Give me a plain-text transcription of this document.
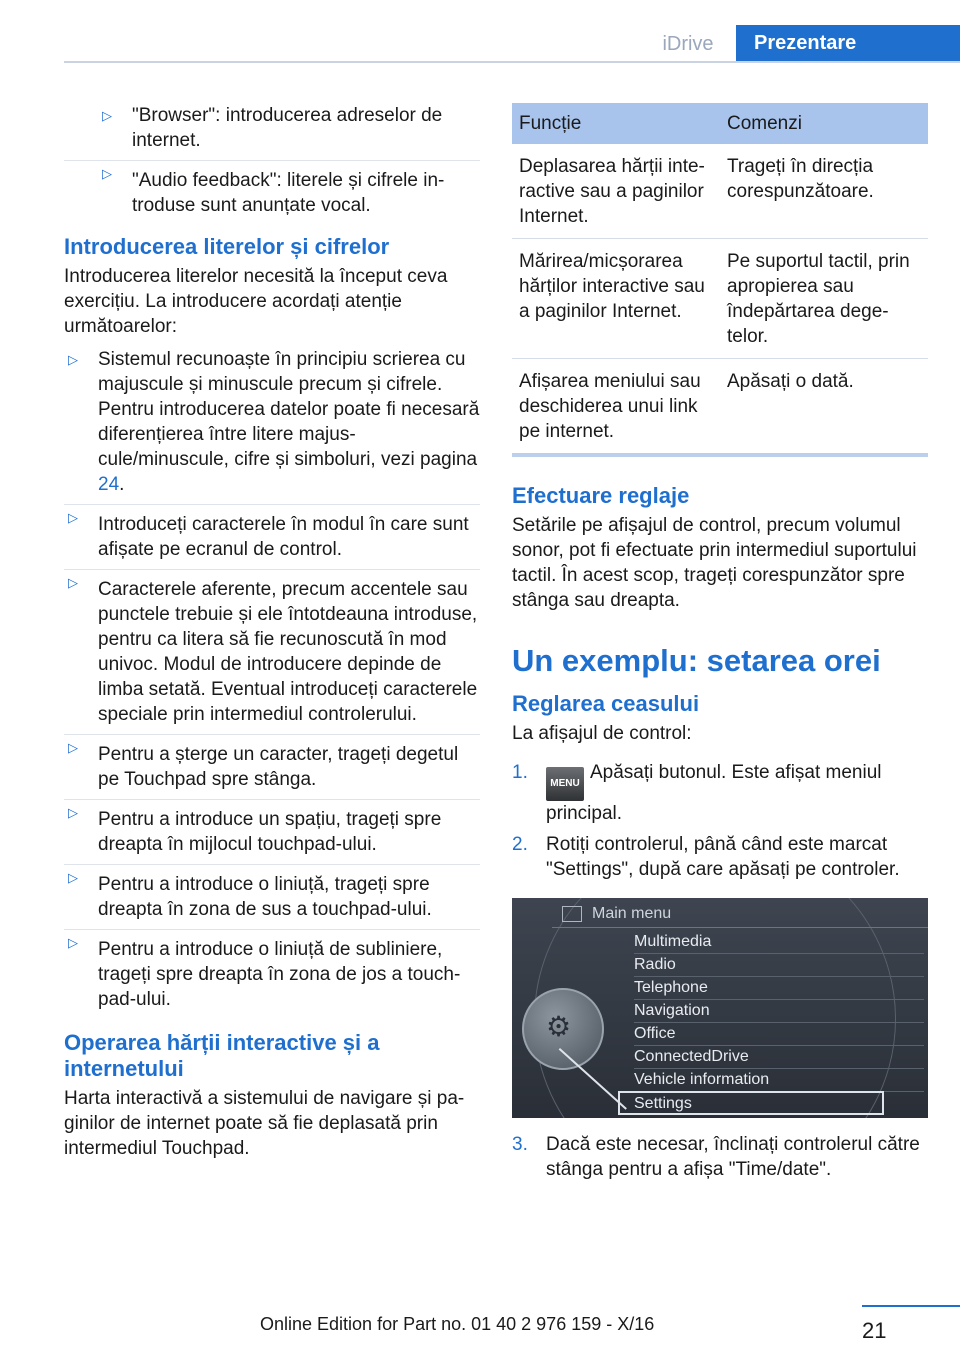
iDrive	Prezentare
▷ "Browser": introducerea adreselor de internet.
▷ "Audio feedback": literele și cifrele introduse sunt anunțate vocal.
Introducerea literelor și cifrelor

Introducerea literelor necesită la început ceva exercițiu. La introducere acordați atenție următoarelor:

▷ Sistemul recunoaște în principiu scrierea cu majuscule și minuscule precum și cifrele. Pentru introducerea datelor poate fi necesară diferențierea între litere majuscule/minuscule, cifre și simboluri, vezi pagina 24.
▷ Introduceți caracterele în modul în care sunt afișate pe ecranul de control.
▷ Caracterele aferente, precum accentele sau punctele trebuie și ele întotdeauna introduse, pentru ca litera să fie recunoscută în mod univoc. Modul de introducere depinde de limba setată. Eventual introduceți caracterele speciale prin intermediul controlerului.
▷ Pentru a șterge un caracter, trageți degetul pe Touchpad spre stânga.
▷ Pentru a introduce un spațiu, trageți spre dreapta în mijlocul touchpad-ului.
▷ Pentru a introduce o liniuță, trageți spre dreapta în zona de sus a touchpad-ului.
▷ Pentru a introduce o liniuță de subliniere, trageți spre dreapta în zona de jos a touchpad-ului.
Operarea hărții interactive și a internetului

Harta interactivă a sistemului de navigare și paginilor de internet poate să fie deplasată prin intermediul Touchpad.

Funcție	Comenzi
Deplasarea hărții interactive sau a paginilor Internet.	Trageți în direcția corespunzătoare.
Mărirea/micșorarea hărților interactive sau a paginilor Internet.	Pe suportul tactil, prin apropierea sau îndepărtarea degetelor.
Afișarea meniului sau deschiderea unui link pe internet.	Apăsați o dată.
Efectuare reglaje

Setările pe afișajul de control, precum volumul sonor, pot fi efectuate prin intermediul suportului tactil. În acest scop, trageți corespunzător spre stânga sau dreapta.

Un exemplu: setarea orei
Reglarea ceasului

La afișajul de control:

1.
MENUApăsați butonul. Este afișat meniul principal.
2. Rotiți controlerul, până când este marcat "Settings", după care apăsați pe controler.
Main menu
Multimedia
Radio
Telephone
Navigation
Office
ConnectedDrive
Vehicle information
Settings
⚙
3. Dacă este necesar, înclinați controlerul către stânga pentru a afișa "Time/date".
21
Online Edition for Part no. 01 40 2 976 159 - X/16
